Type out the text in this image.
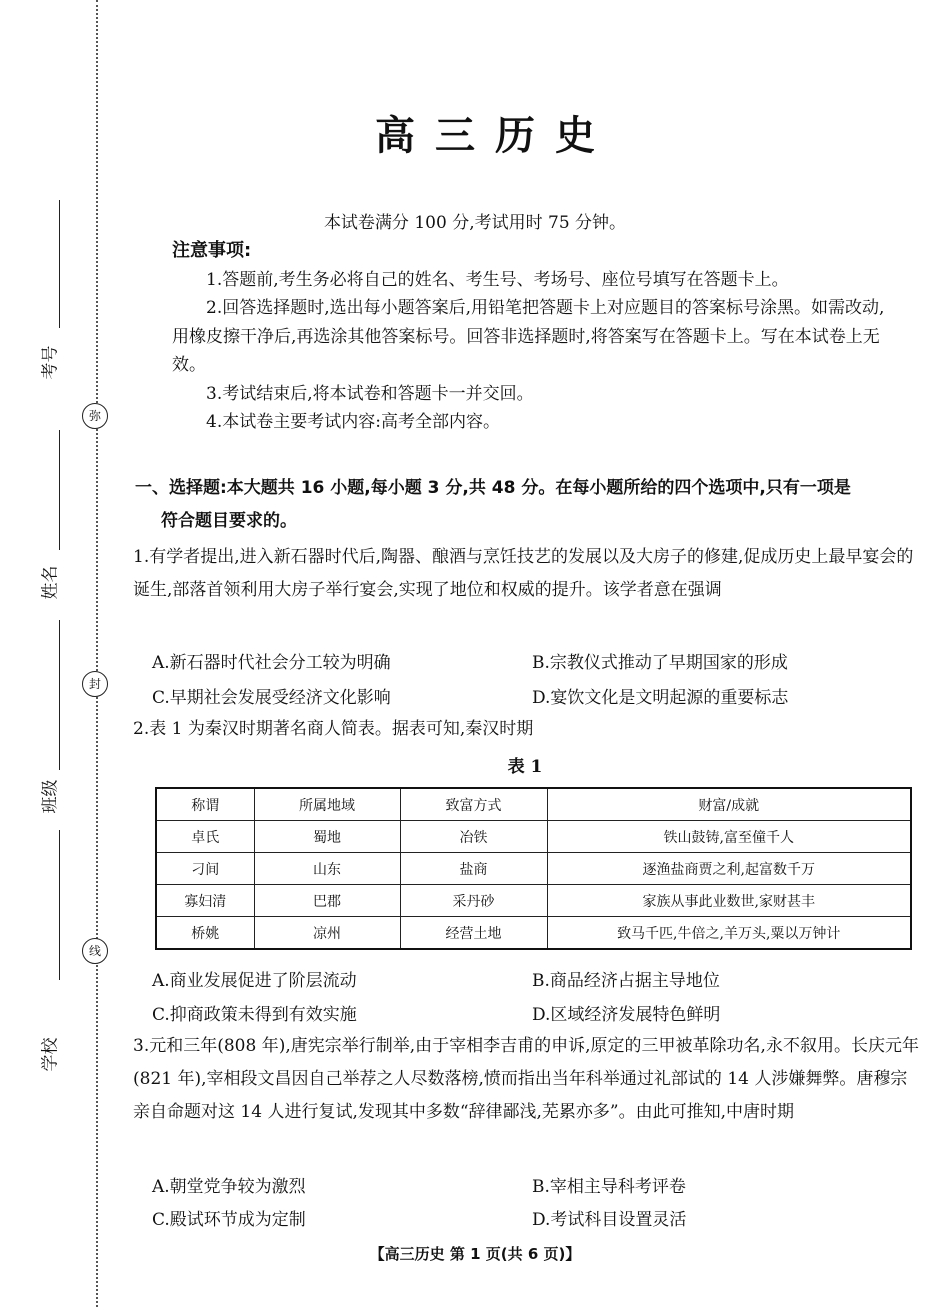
考号
姓名
班级
学校
弥
封
线
高三历史
本试卷满分 100 分,考试用时 75 分钟。
注意事项:
1.答题前,考生务必将自己的姓名、考生号、考场号、座位号填写在答题卡上。
2.回答选择题时,选出每小题答案后,用铅笔把答题卡上对应题目的答案标号涂黑。如需改动,用橡皮擦干净后,再选涂其他答案标号。回答非选择题时,将答案写在答题卡上。写在本试卷上无效。
3.考试结束后,将本试卷和答题卡一并交回。
4.本试卷主要考试内容:高考全部内容。
一、选择题:本大题共 16 小题,每小题 3 分,共 48 分。在每小题所给的四个选项中,只有一项是
符合题目要求的。
1.有学者提出,进入新石器时代后,陶器、酿酒与烹饪技艺的发展以及大房子的修建,促成历史上最早宴会的诞生,部落首领利用大房子举行宴会,实现了地位和权威的提升。该学者意在强调
A.新石器时代社会分工较为明确	B.宗教仪式推动了早期国家的形成
C.早期社会发展受经济文化影响	D.宴饮文化是文明起源的重要标志
2.表 1 为秦汉时期著名商人简表。据表可知,秦汉时期
表 1
称谓	所属地域	致富方式	财富/成就
卓氏	蜀地	冶铁	铁山鼓铸,富至僮千人
刁间	山东	盐商	逐渔盐商贾之利,起富数千万
寡妇清	巴郡	采丹砂	家族从事此业数世,家财甚丰
桥姚	凉州	经营土地	致马千匹,牛倍之,羊万头,粟以万钟计
A.商业发展促进了阶层流动	B.商品经济占据主导地位
C.抑商政策未得到有效实施	D.区域经济发展特色鲜明
3.元和三年(808 年),唐宪宗举行制举,由于宰相李吉甫的申诉,原定的三甲被革除功名,永不叙用。长庆元年(821 年),宰相段文昌因自己举荐之人尽数落榜,愤而指出当年科举通过礼部试的 14 人涉嫌舞弊。唐穆宗亲自命题对这 14 人进行复试,发现其中多数“辞律鄙浅,芜累亦多”。由此可推知,中唐时期
A.朝堂党争较为激烈	B.宰相主导科考评卷
C.殿试环节成为定制	D.考试科目设置灵活
【高三历史 第 1 页(共 6 页)】
